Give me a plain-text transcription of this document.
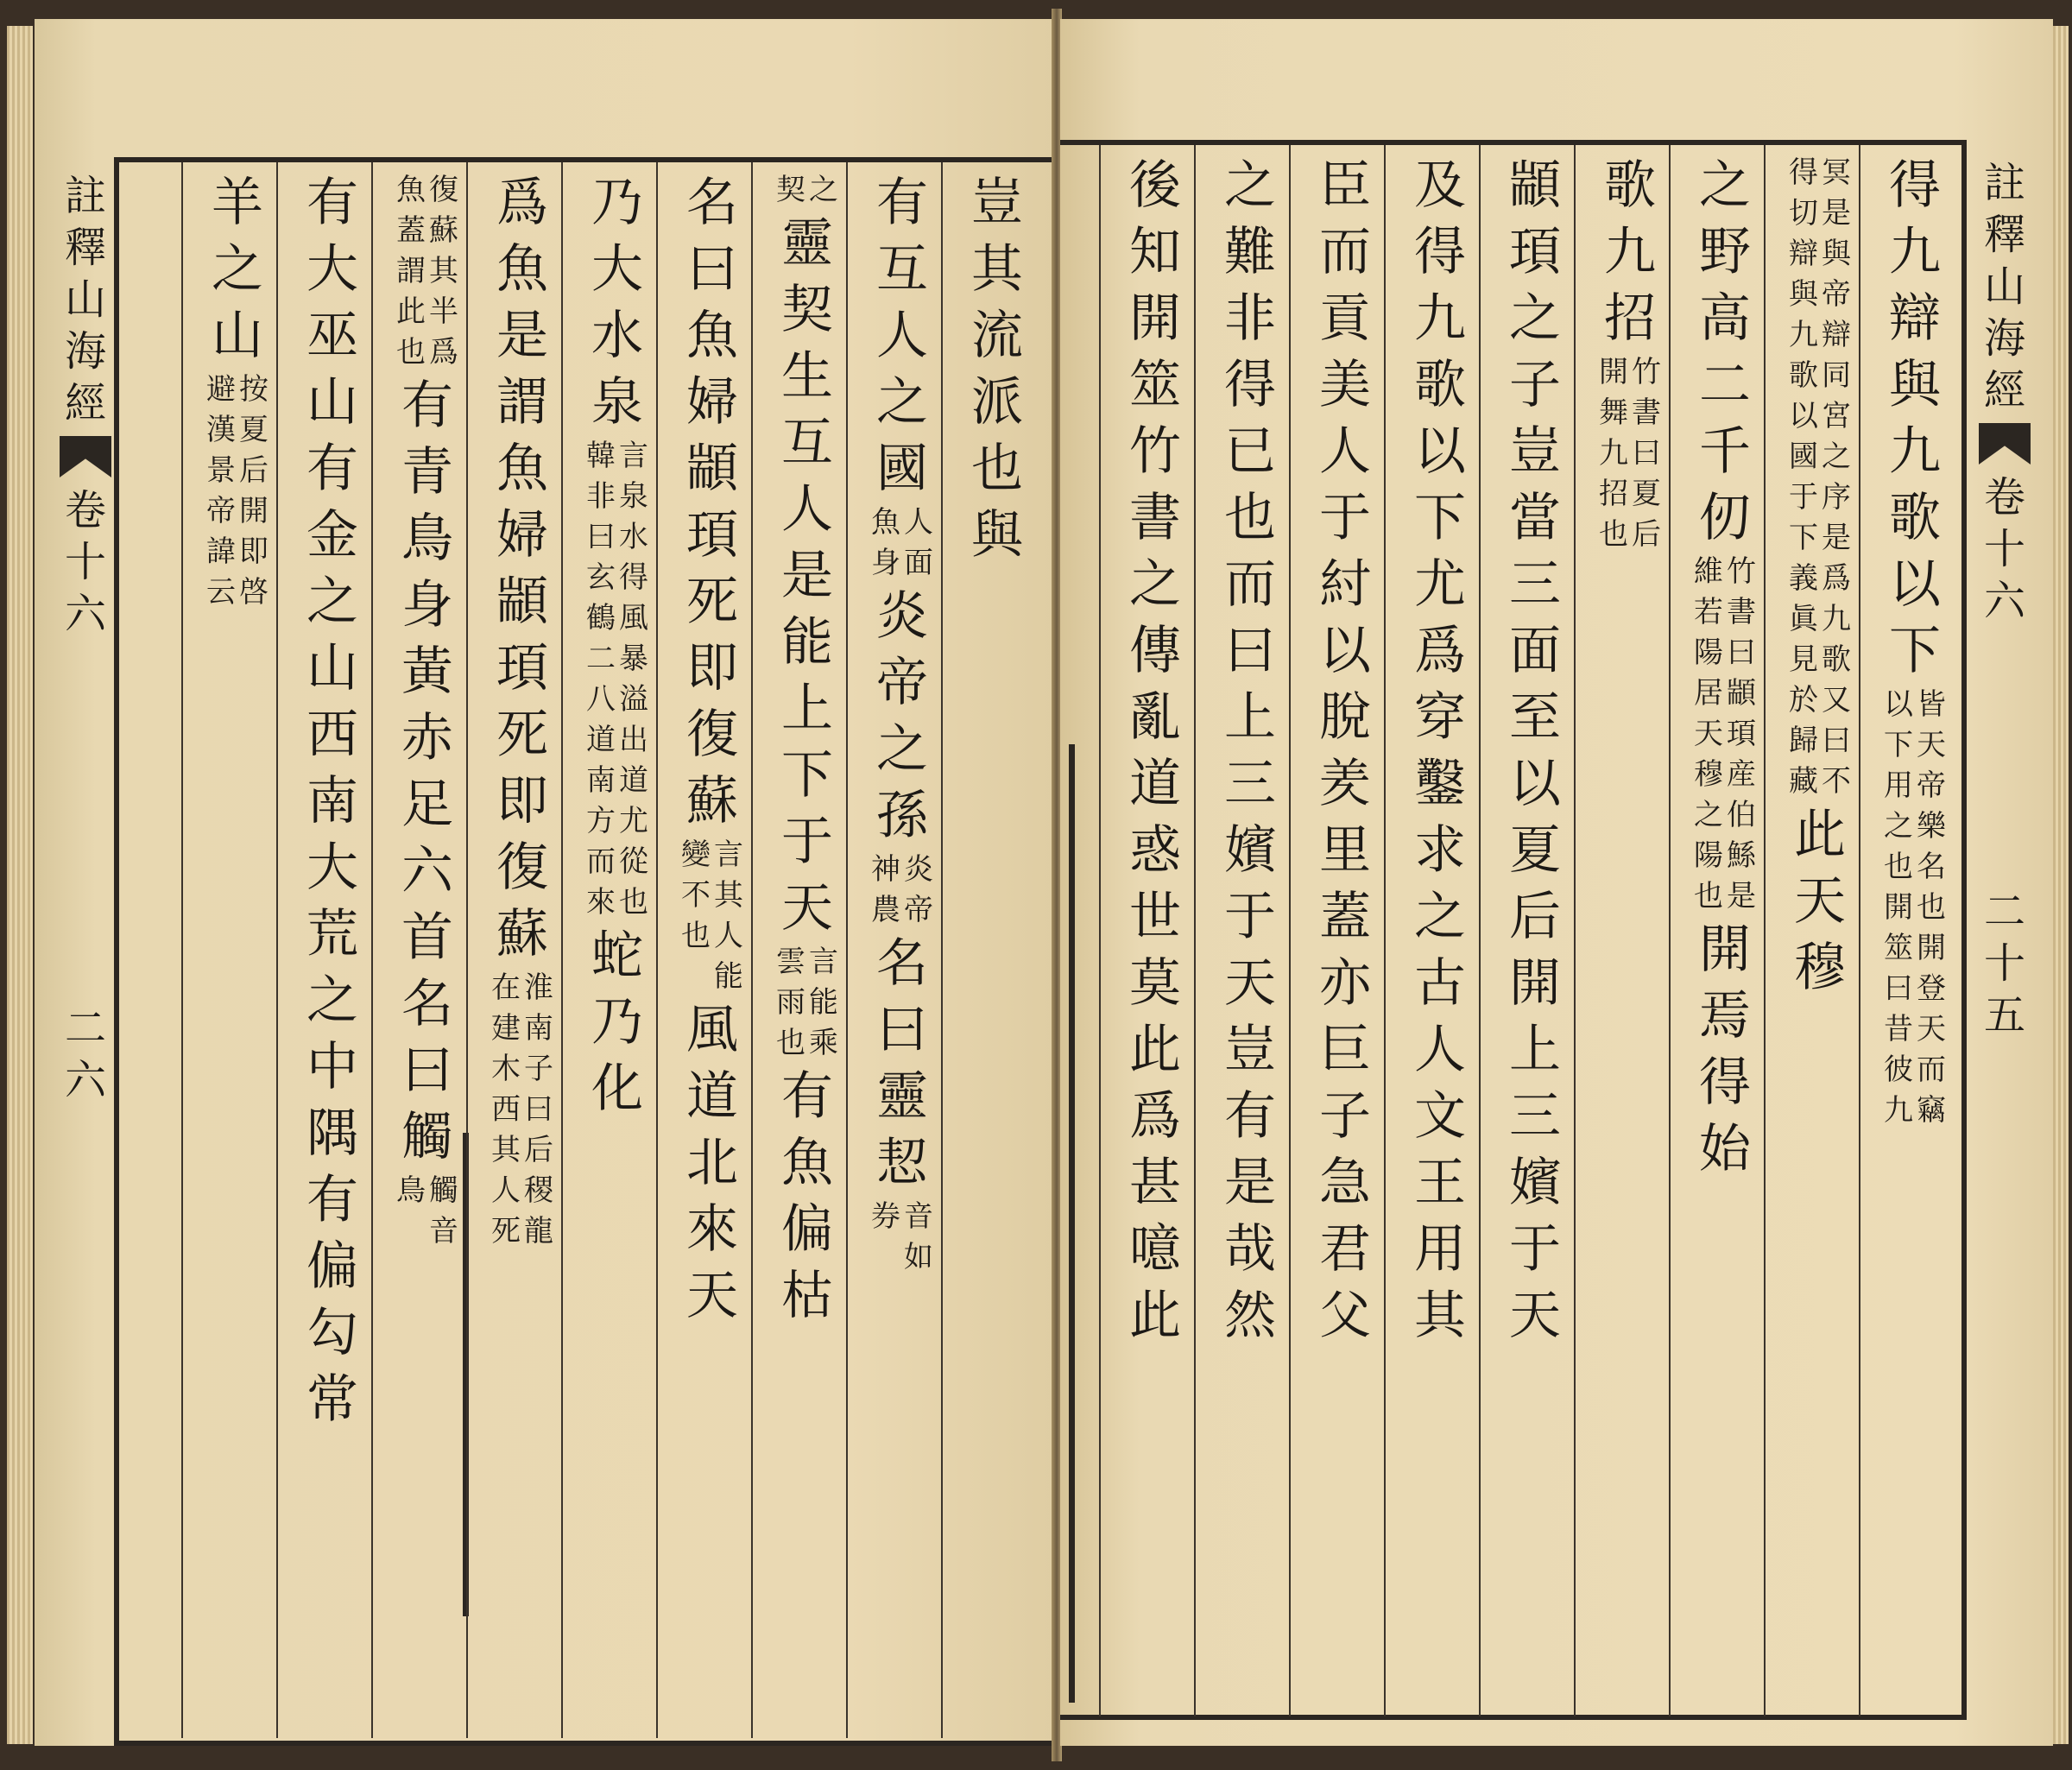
註
釋
山
海
經
卷
十
六
二
六
豈
其
流
派
也
與
有
互
人
之
國
人
面
魚
身
炎
帝
之
孫
炎
帝
神
農
名
曰
靈
恝
音
如
券
之
契
靈
契
生
互
人
是
能
上
下
于
天
言
能
乘
雲
雨
也
有
魚
偏
枯
名
曰
魚
婦
顓
頊
死
即
復
蘇
言
其
人
能
變
不
也
風
道
北
來
天
乃
大
水
泉
言
泉
水
得
風
暴
溢
出
道
尤
從
也
韓
非
曰
玄
鶴
二
八
道
南
方
而
來
蛇
乃
化
爲
魚
是
謂
魚
婦
顓
頊
死
即
復
蘇
淮
南
子
曰
后
稷
龍
在
建
木
西
其
人
死
復
蘇
其
半
爲
魚
蓋
謂
此
也
有
青
鳥
身
黃
赤
足
六
首
名
曰
觸
觸
音
鳥
有
大
巫
山
有
金
之
山
西
南
大
荒
之
中
隅
有
偏
勾
常
羊
之
山
按
夏
后
開
即
啓
避
漢
景
帝
諱
云
註
釋
山
海
經
卷
十
六
二
十
五
得
九
辯
與
九
歌
以
下
皆
天
帝
樂
名
也
開
登
天
而
竊
以
下
用
之
也
開
筮
曰
昔
彼
九
冥
是
與
帝
辯
同
宮
之
序
是
爲
九
歌
又
曰
不
得
切
辯
與
九
歌
以
國
于
下
義
眞
見
於
歸
藏
此
天
穆
之
野
高
二
千
仞
竹
書
曰
顓
頊
産
伯
鯀
是
維
若
陽
居
天
穆
之
陽
也
開
焉
得
始
歌
九
招
竹
書
曰
夏
后
開
舞
九
招
也
顓
頊
之
子
豈
當
三
面
至
以
夏
后
開
上
三
嬪
于
天
及
得
九
歌
以
下
尤
爲
穿
鑿
求
之
古
人
文
王
用
其
臣
而
貢
美
人
于
紂
以
脫
羑
里
蓋
亦
巨
子
急
君
父
之
難
非
得
已
也
而
曰
上
三
嬪
于
天
豈
有
是
哉
然
後
知
開
筮
竹
書
之
傳
亂
道
惑
世
莫
此
爲
甚
噫
此
